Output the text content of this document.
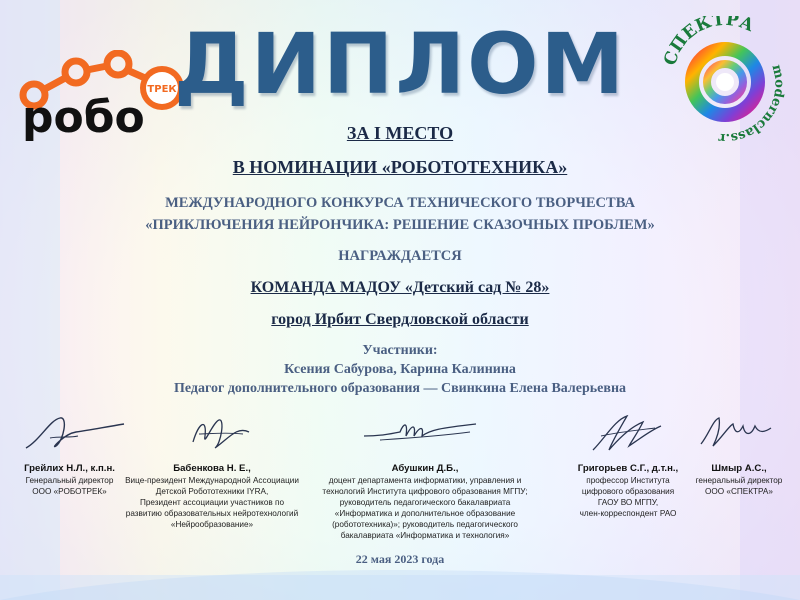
робо
ТРЕК
СПЕКТРА
modernclass.r
ДИПЛОМ
ЗА I МЕСТО
В НОМИНАЦИИ «РОБОТОТЕХНИКА»
МЕЖДУНАРОДНОГО КОНКУРСА ТЕХНИЧЕСКОГО ТВОРЧЕСТВА
«ПРИКЛЮЧЕНИЯ НЕЙРОНЧИКА: РЕШЕНИЕ СКАЗОЧНЫХ ПРОБЛЕМ»
НАГРАЖДАЕТСЯ
КОМАНДА МАДОУ «Детский сад № 28»
город Ирбит Свердловской области
Участники:
Ксения Сабурова, Карина Калинина
Педагог дополнительного образования — Свинкина Елена Валерьевна
Грейлих Н.Л., к.п.н.
Генеральный директор
ООО «РОБОТРЕК»
Бабенкова Н. Е.,
Вице-президент Международной Ассоциации
Детской Робототехники IYRA,
Президент ассоциации участников по
развитию образовательных нейротехнологий
«Нейрообразование»
Абушкин Д.Б.,
доцент департамента информатики, управления и
технологий Института цифрового образования МГПУ;
руководитель педагогического бакалавриата
«Информатика и дополнительное образование
(робототехника)»; руководитель педагогического
бакалавриата «Информатика и технология»
Григорьев С.Г., д.т.н.,
профессор Института
цифрового образования
ГАОУ ВО МГПУ,
член-корреспондент РАО
Шмыр А.С.,
генеральный директор
ООО «СПЕКТРА»
22 мая 2023 года
